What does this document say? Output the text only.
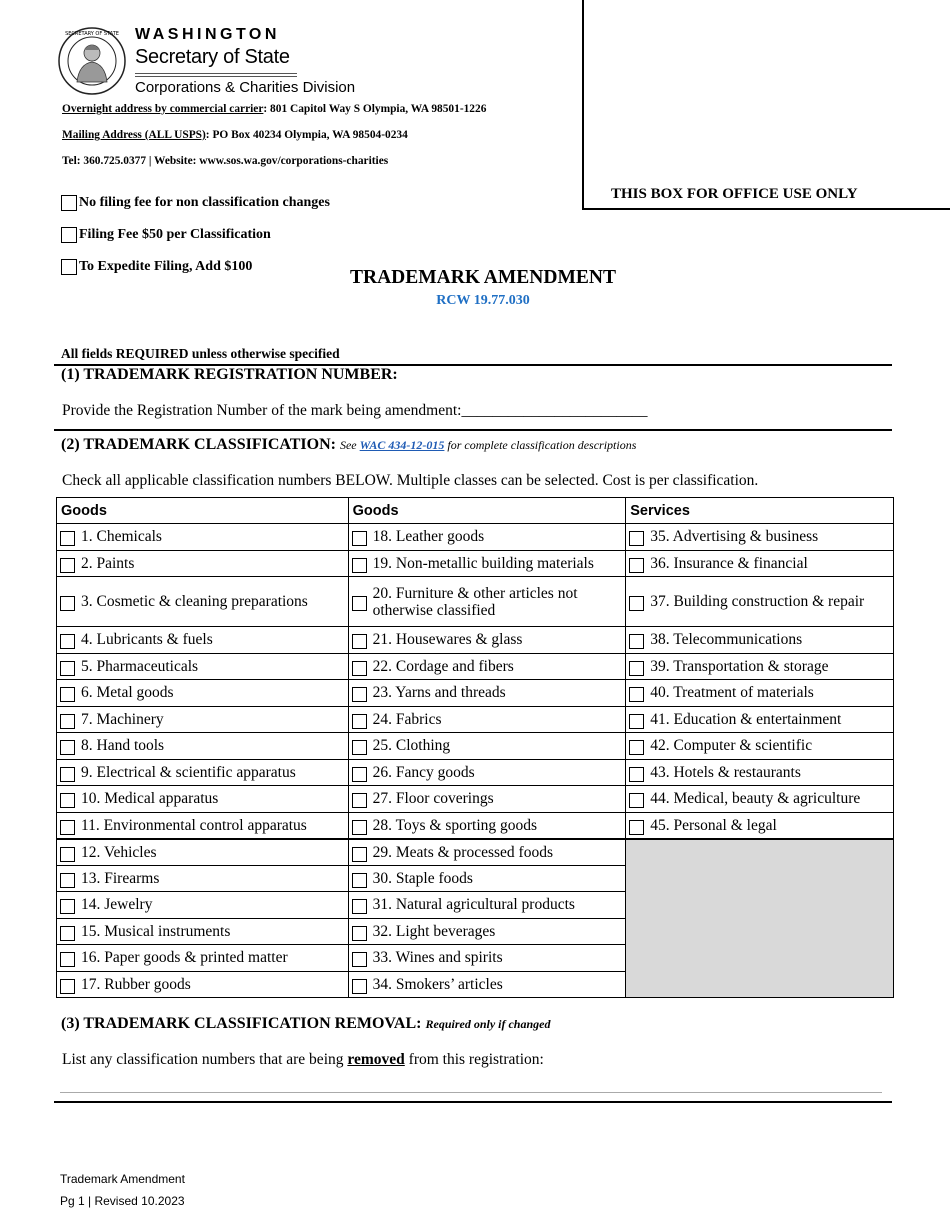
SECRETARY OF STATE WASHINGTON
Secretary of State
Corporations & Charities Division
Overnight address by commercial carrier: 801 Capitol Way S Olympia, WA 98501-1226
Mailing Address (ALL USPS): PO Box 40234 Olympia, WA 98504-0234
Tel: 360.725.0377 | Website: www.sos.wa.gov/corporations-charities
THIS BOX FOR OFFICE USE ONLY
No filing fee for non classification changes
Filing Fee $50 per Classification
To Expedite Filing, Add $100
TRADEMARK AMENDMENT
RCW 19.77.030
All fields REQUIRED unless otherwise specified
(1) TRADEMARK REGISTRATION NUMBER:
Provide the Registration Number of the mark being amendment:________________________
(2) TRADEMARK CLASSIFICATION: See WAC 434-12-015 for complete classification descriptions
Check all applicable classification numbers BELOW. Multiple classes can be selected. Cost is per classification.
Goods	Goods	Services

1. Chemicals	18. Leather goods	35. Advertising & business

2. Paints	19. Non-metallic building materials	36. Insurance & financial

3. Cosmetic & cleaning preparations	20. Furniture & other articles not otherwise classified	37. Building construction & repair

4. Lubricants & fuels	21. Housewares & glass	38. Telecommunications

5. Pharmaceuticals	22. Cordage and fibers	39. Transportation & storage

6. Metal goods	23. Yarns and threads	40. Treatment of materials

7. Machinery	24. Fabrics	41. Education & entertainment

8. Hand tools	25. Clothing	42. Computer & scientific

9. Electrical & scientific apparatus	26. Fancy goods	43. Hotels & restaurants

10. Medical apparatus	27. Floor coverings	44. Medical, beauty & agriculture

11. Environmental control apparatus	28. Toys & sporting goods	45. Personal & legal

12. Vehicles	29. Meats & processed foods	

13. Firearms	30. Staple foods	

14. Jewelry	31. Natural agricultural products	

15. Musical instruments	32. Light beverages	

16. Paper goods & printed matter	33. Wines and spirits	

17. Rubber goods	34. Smokers’ articles	
(3) TRADEMARK CLASSIFICATION REMOVAL: Required only if changed
List any classification numbers that are being removed from this registration:
Trademark Amendment
Pg 1 | Revised 10.2023
